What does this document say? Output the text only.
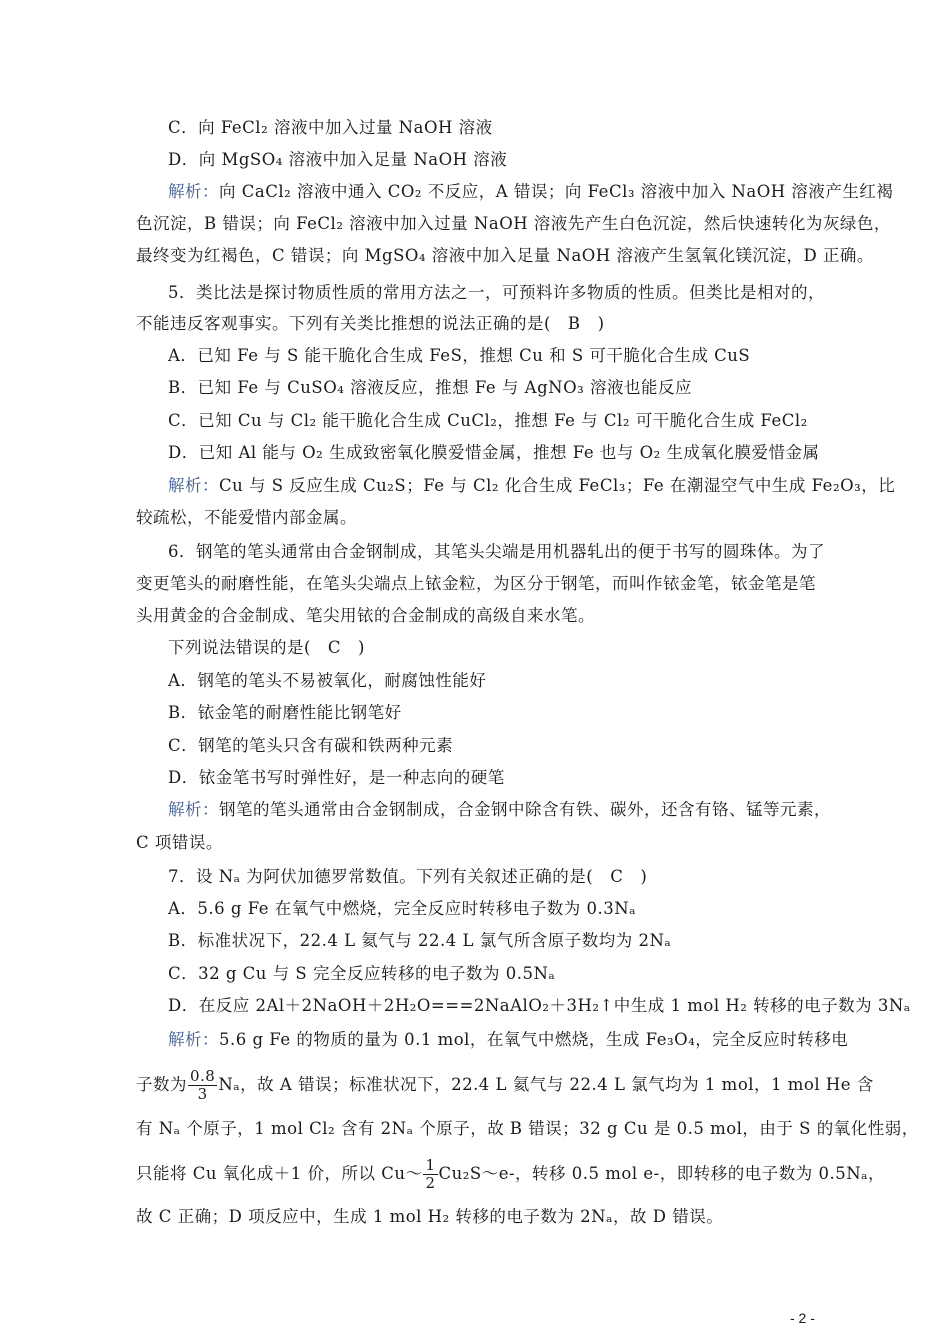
C．向 FeCl₂ 溶液中加入过量 NaOH 溶液
D．向 MgSO₄ 溶液中加入足量 NaOH 溶液
解析：向 CaCl₂ 溶液中通入 CO₂ 不反应，A 错误；向 FeCl₃ 溶液中加入 NaOH 溶液产生红褐
色沉淀，B 错误；向 FeCl₂ 溶液中加入过量 NaOH 溶液先产生白色沉淀，然后快速转化为灰绿色，
最终变为红褐色，C 错误；向 MgSO₄ 溶液中加入足量 NaOH 溶液产生氢氧化镁沉淀，D 正确。
5．类比法是探讨物质性质的常用方法之一，可预料许多物质的性质。但类比是相对的，
不能违反客观事实。下列有关类比推想的说法正确的是(　B　)
A．已知 Fe 与 S 能干脆化合生成 FeS，推想 Cu 和 S 可干脆化合生成 CuS
B．已知 Fe 与 CuSO₄ 溶液反应，推想 Fe 与 AgNO₃ 溶液也能反应
C．已知 Cu 与 Cl₂ 能干脆化合生成 CuCl₂，推想 Fe 与 Cl₂ 可干脆化合生成 FeCl₂
D．已知 Al 能与 O₂ 生成致密氧化膜爱惜金属，推想 Fe 也与 O₂ 生成氧化膜爱惜金属
解析：Cu 与 S 反应生成 Cu₂S；Fe 与 Cl₂ 化合生成 FeCl₃；Fe 在潮湿空气中生成 Fe₂O₃，比
较疏松，不能爱惜内部金属。
6．钢笔的笔头通常由合金钢制成，其笔头尖端是用机器轧出的便于书写的圆珠体。为了
变更笔头的耐磨性能，在笔头尖端点上铱金粒，为区分于钢笔，而叫作铱金笔，铱金笔是笔
头用黄金的合金制成、笔尖用铱的合金制成的高级自来水笔。
下列说法错误的是(　C　)
A．钢笔的笔头不易被氧化，耐腐蚀性能好
B．铱金笔的耐磨性能比钢笔好
C．钢笔的笔头只含有碳和铁两种元素
D．铱金笔书写时弹性好，是一种志向的硬笔
解析：钢笔的笔头通常由合金钢制成，合金钢中除含有铁、碳外，还含有铬、锰等元素，
C 项错误。
7．设 Nₐ 为阿伏加德罗常数值。下列有关叙述正确的是(　C　)
A．5.6 g Fe 在氧气中燃烧，完全反应时转移电子数为 0.3Nₐ
B．标准状况下，22.4 L 氦气与 22.4 L 氯气所含原子数均为 2Nₐ
C．32 g Cu 与 S 完全反应转移的电子数为 0.5Nₐ
D．在反应 2Al＋2NaOH＋2H₂O===2NaAlO₂＋3H₂↑中生成 1 mol H₂ 转移的电子数为 3Nₐ
解析：5.6 g Fe 的物质的量为 0.1 mol，在氧气中燃烧，生成 Fe₃O₄，完全反应时转移电
子数为 $\frac{0.8}{3}$ Nₐ，故 A 错误；标准状况下，22.4 L 氦气与 22.4 L 氯气均为 1 mol，1 mol He 含
有 Nₐ 个原子，1 mol Cl₂ 含有 2Nₐ 个原子，故 B 错误；32 g Cu 是 0.5 mol，由于 S 的氧化性弱，
只能将 Cu 氧化成＋1 价，所以 Cu～ $\frac{1}{2}$ Cu₂S～e-，转移 0.5 mol e-，即转移的电子数为 0.5Nₐ，
故 C 正确；D 项反应中，生成 1 mol H₂ 转移的电子数为 2Nₐ，故 D 错误。
- 2 -
